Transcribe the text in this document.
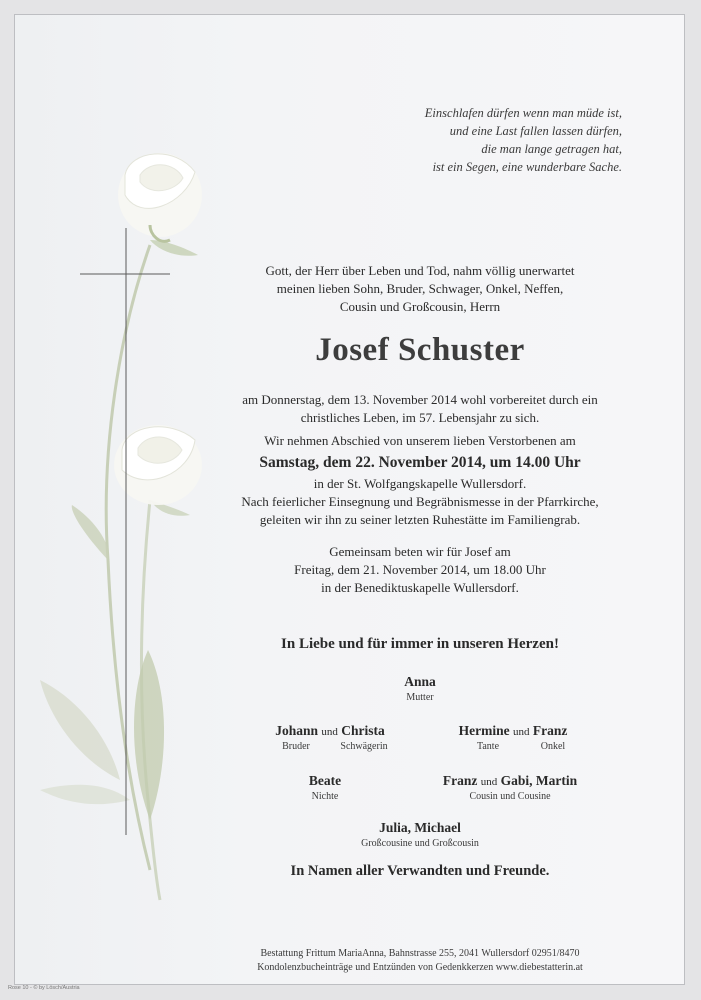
Einschlafen dürfen wenn man müde ist,
und eine Last fallen lassen dürfen,
die man lange getragen hat,
ist ein Segen, eine wunderbare Sache.
Gott, der Herr über Leben und Tod, nahm völlig unerwartet
meinen lieben Sohn, Bruder, Schwager, Onkel, Neffen,
Cousin und Großcousin, Herrn
Josef Schuster
am Donnerstag, dem 13. November 2014 wohl vorbereitet durch ein
christliches Leben, im 57. Lebensjahr zu sich.
Wir nehmen Abschied von unserem lieben Verstorbenen am
Samstag, dem 22. November 2014, um 14.00 Uhr
in der St. Wolfgangskapelle Wullersdorf.
Nach feierlicher Einsegnung und Begräbnismesse in der Pfarrkirche,
geleiten wir ihn zu seiner letzten Ruhestätte im Familiengrab.
Gemeinsam beten wir für Josef am
Freitag, dem 21. November 2014, um 18.00 Uhr
in der Benediktuskapelle Wullersdorf.
In Liebe und für immer in unseren Herzen!
Anna
Mutter
Johann und Christa
Bruder	Schwägerin
Hermine und Franz
Tante	Onkel
Beate
Nichte
Franz und Gabi, Martin
Cousin und Cousine
Julia, Michael
Großcousine und Großcousin
In Namen aller Verwandten und Freunde.
Bestattung Frittum MariaAnna, Bahnstrasse 255, 2041 Wullersdorf 02951/8470
Kondolenzbucheinträge und Entzünden von Gedenkkerzen www.diebestatterin.at
Rose 10 - © by Lösch/Austria
